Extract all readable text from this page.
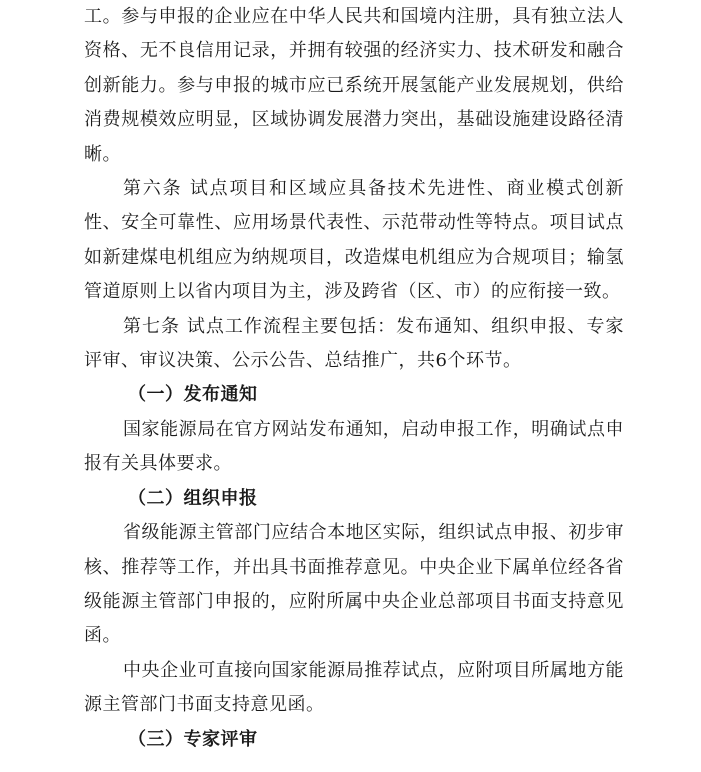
工。参与申报的企业应在中华人民共和国境内注册，具有独立法人资格、无不良信用记录，并拥有较强的经济实力、技术研发和融合创新能力。参与申报的城市应已系统开展氢能产业发展规划，供给消费规模效应明显，区域协调发展潜力突出，基础设施建设路径清晰。

第六条 试点项目和区域应具备技术先进性、商业模式创新性、安全可靠性、应用场景代表性、示范带动性等特点。项目试点如新建煤电机组应为纳规项目，改造煤电机组应为合规项目；输氢管道原则上以省内项目为主，涉及跨省（区、市）的应衔接一致。

第七条 试点工作流程主要包括：发布通知、组织申报、专家评审、审议决策、公示公告、总结推广，共6个环节。

（一）发布通知

国家能源局在官方网站发布通知，启动申报工作，明确试点申报有关具体要求。

（二）组织申报

省级能源主管部门应结合本地区实际，组织试点申报、初步审核、推荐等工作，并出具书面推荐意见。中央企业下属单位经各省级能源主管部门申报的，应附所属中央企业总部项目书面支持意见函。

中央企业可直接向国家能源局推荐试点，应附项目所属地方能源主管部门书面支持意见函。

（三）专家评审
